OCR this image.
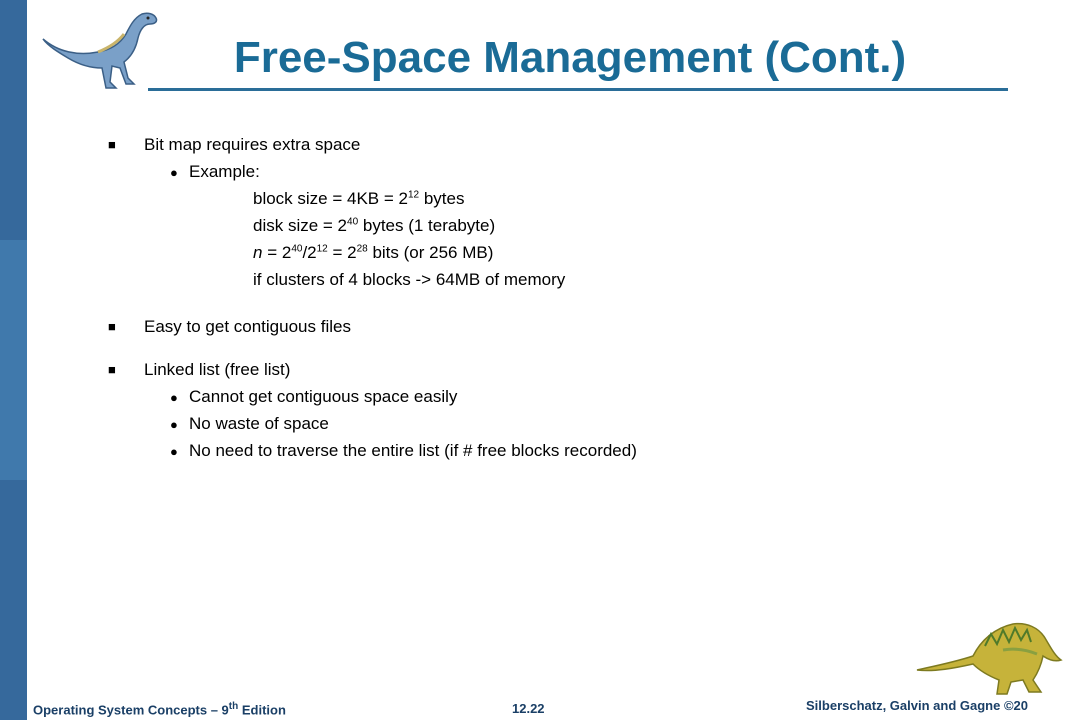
Free-Space Management (Cont.)
■ Bit map requires extra space
● Example:
block size = $4KB = 2^{12}$ bytes
disk size = $2^{40}$ bytes (1 terabyte)
$n = 2^{40}/2^{12} = 2^{28}$ bits (or 256 MB)
if clusters of 4 blocks -> 64MB of memory
■ Easy to get contiguous files
■ Linked list (free list)
● Cannot get contiguous space easily
● No waste of space
● No need to traverse the entire list (if # free blocks recorded)
Operating System Concepts – 9th Edition	12.22	Silberschatz, Galvin and Gagne ©20
